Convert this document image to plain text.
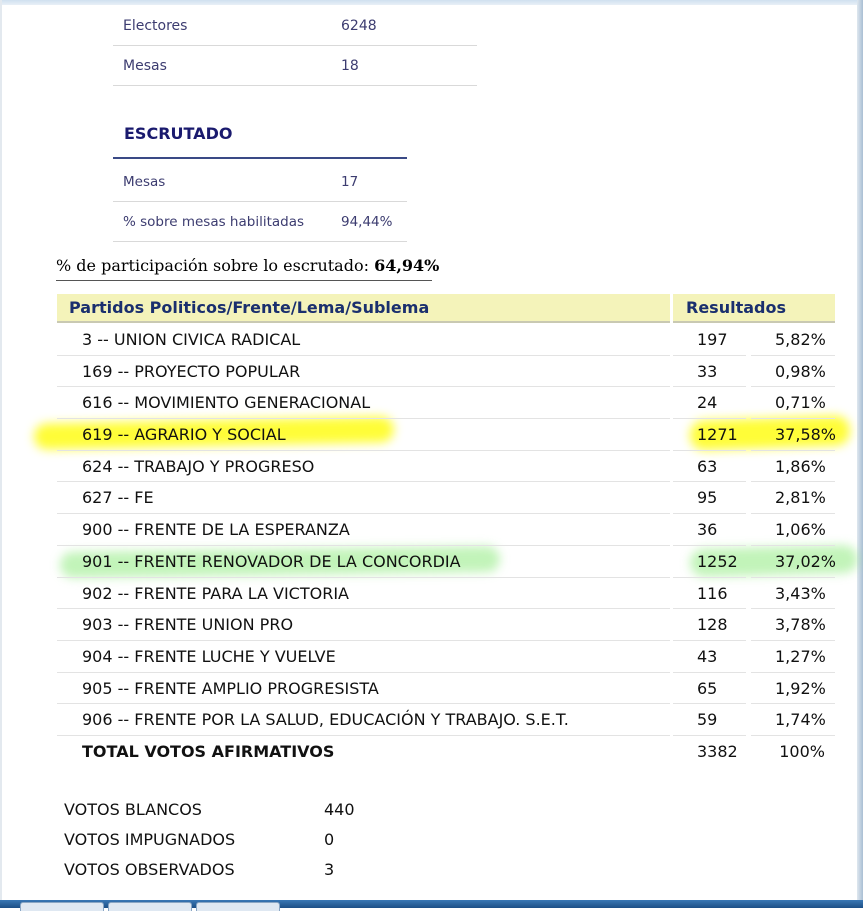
Electores	6248
Mesas	18
ESCRUTADO
Mesas	17
% sobre mesas habilitadas	94,44%
% de participación sobre lo escrutado: 64,94%
Partidos Politicos/Frente/Lema/Sublema	Resultados
3 -- UNION CIVICA RADICAL	197	5,82%
169 -- PROYECTO POPULAR	33	0,98%
616 -- MOVIMIENTO GENERACIONAL	24	0,71%
619 -- AGRARIO Y SOCIAL	1271 37,58%
624 -- TRABAJO Y PROGRESO	63	1,86%
627 -- FE	95	2,81%
900 -- FRENTE DE LA ESPERANZA	36	1,06%
901 -- FRENTE RENOVADOR DE LA CONCORDIA	1252 37,02%
902 -- FRENTE PARA LA VICTORIA	116	3,43%
903 -- FRENTE UNION PRO	128	3,78%
904 -- FRENTE LUCHE Y VUELVE	43	1,27%
905 -- FRENTE AMPLIO PROGRESISTA	65	1,92%
906 -- FRENTE POR LA SALUD, EDUCACIÓN Y TRABAJO. S.E.T.	59	1,74%
TOTAL VOTOS AFIRMATIVOS	3382	100%
VOTOS BLANCOS	440
VOTOS IMPUGNADOS	0
VOTOS OBSERVADOS	3
